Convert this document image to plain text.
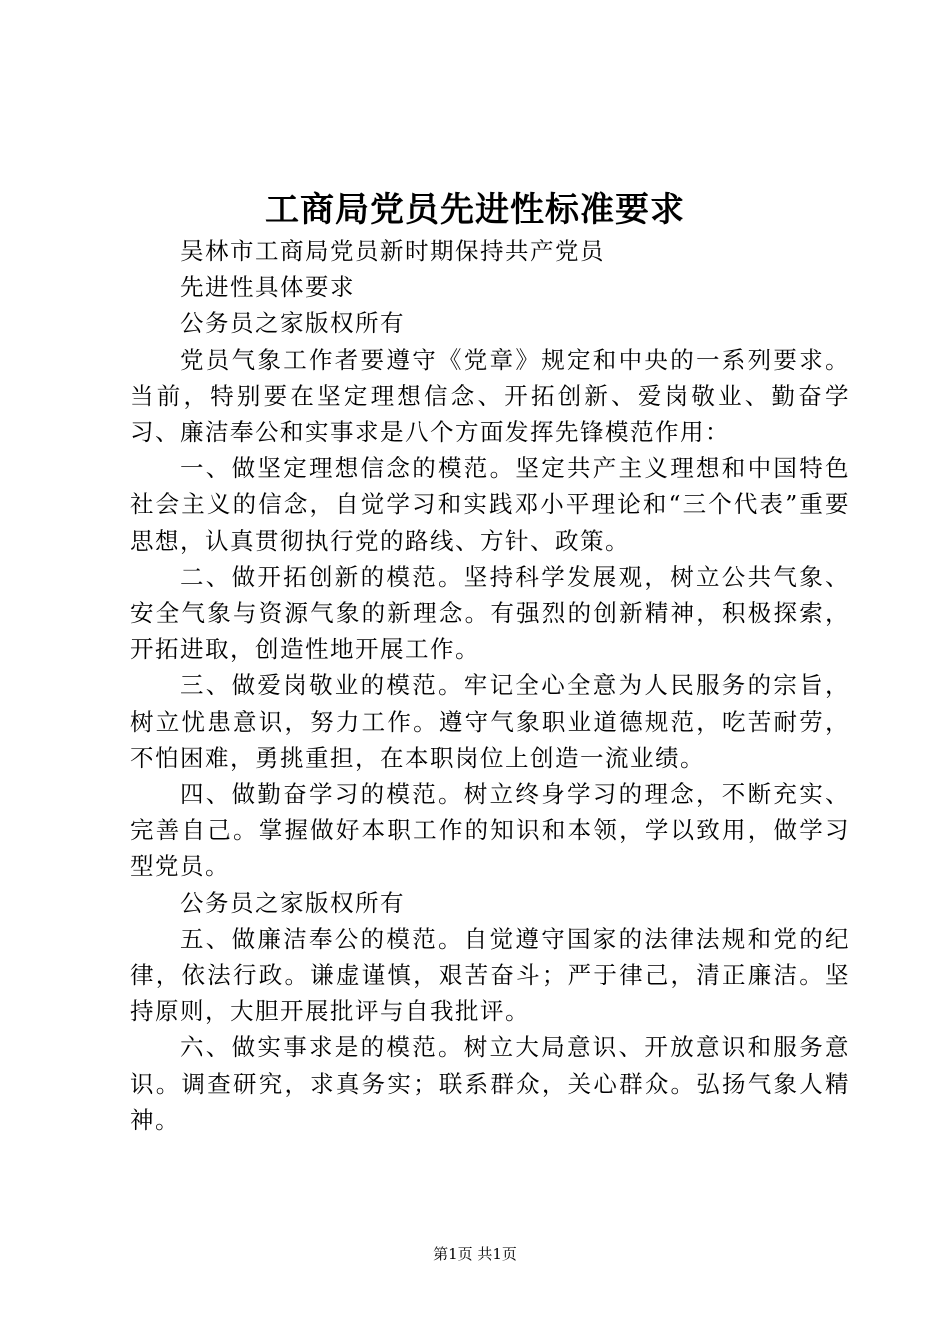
工商局党员先进性标准要求

吴林市工商局党员新时期保持共产党员

先进性具体要求

公务员之家版权所有

党员气象工作者要遵守《党章》规定和中央的一系列要求。当前，特别要在坚定理想信念、开拓创新、爱岗敬业、勤奋学习、廉洁奉公和实事求是八个方面发挥先锋模范作用：

一、做坚定理想信念的模范。坚定共产主义理想和中国特色社会主义的信念，自觉学习和实践邓小平理论和“三个代表”重要思想，认真贯彻执行党的路线、方针、政策。

二、做开拓创新的模范。坚持科学发展观，树立公共气象、安全气象与资源气象的新理念。有强烈的创新精神，积极探索，开拓进取，创造性地开展工作。

三、做爱岗敬业的模范。牢记全心全意为人民服务的宗旨，树立忧患意识，努力工作。遵守气象职业道德规范，吃苦耐劳，不怕困难，勇挑重担，在本职岗位上创造一流业绩。

四、做勤奋学习的模范。树立终身学习的理念，不断充实、完善自己。掌握做好本职工作的知识和本领，学以致用，做学习型党员。

公务员之家版权所有

五、做廉洁奉公的模范。自觉遵守国家的法律法规和党的纪律，依法行政。谦虚谨慎，艰苦奋斗；严于律己，清正廉洁。坚持原则，大胆开展批评与自我批评。

六、做实事求是的模范。树立大局意识、开放意识和服务意识。调查研究，求真务实；联系群众，关心群众。弘扬气象人精神。

第1页 共1页
